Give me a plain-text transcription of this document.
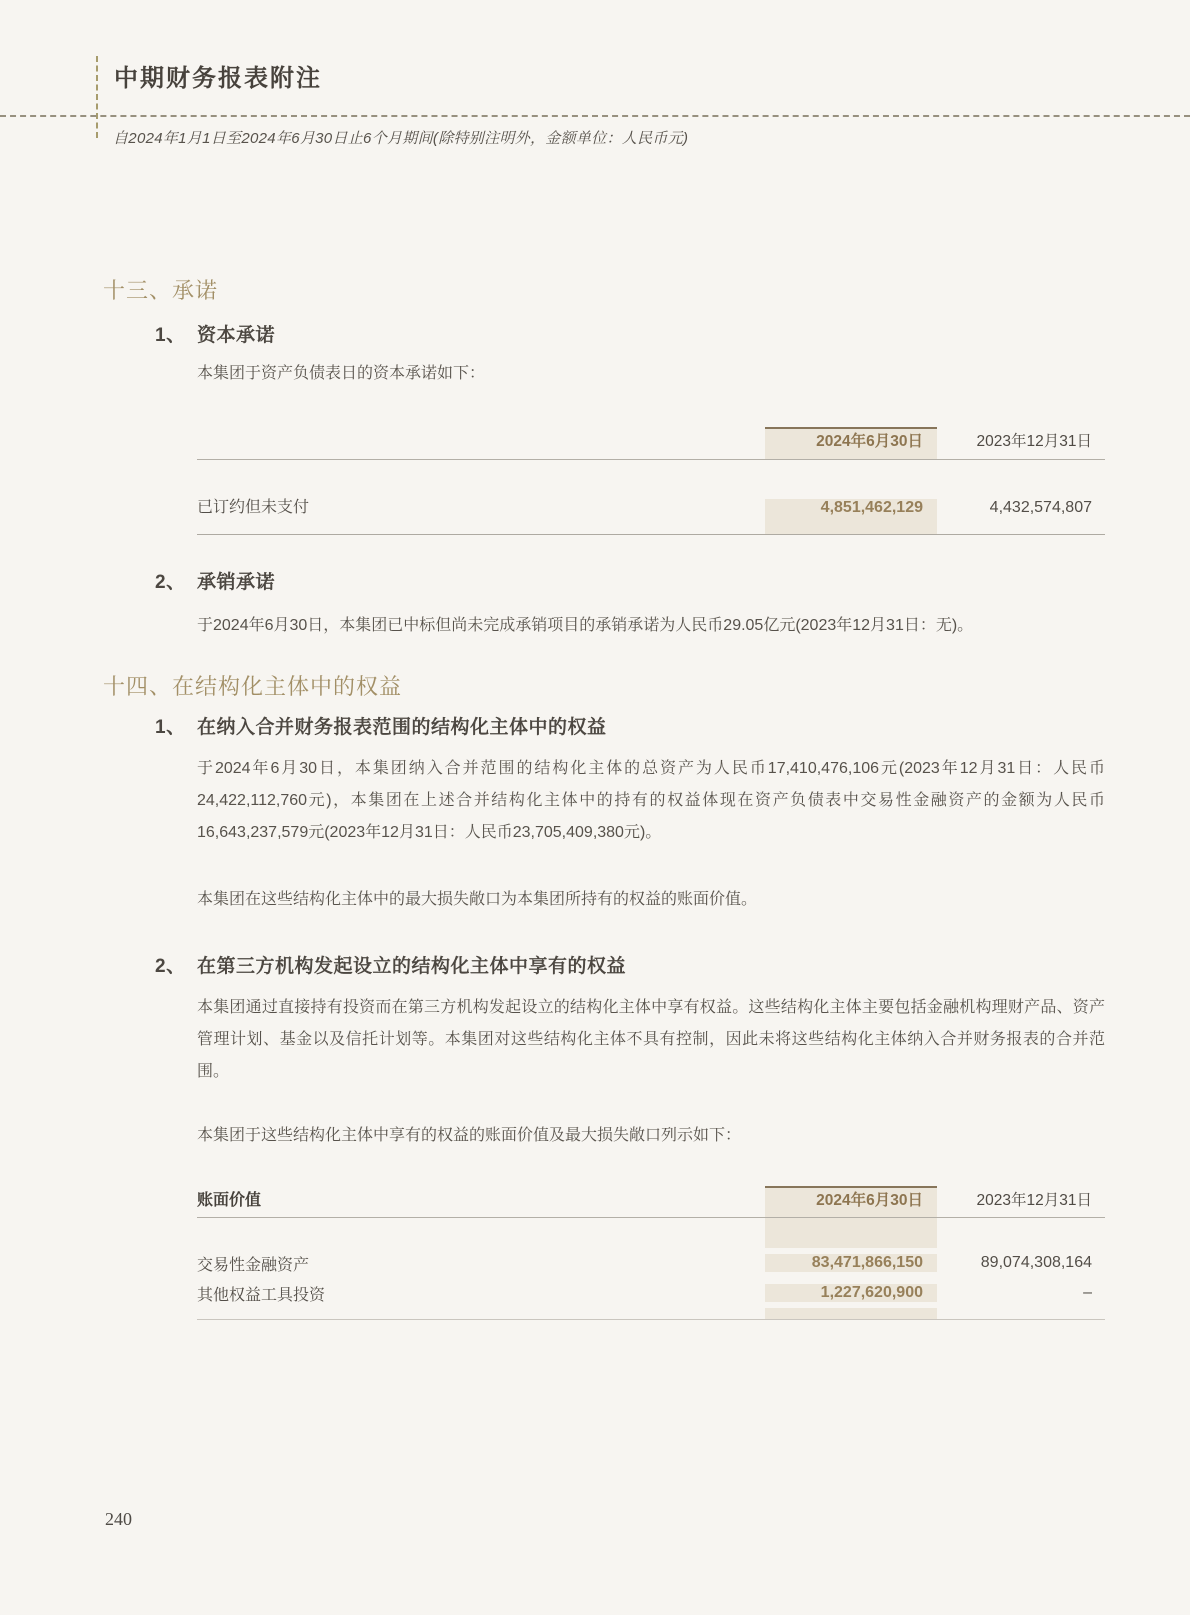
中期财务报表附注
自2024年1月1日至2024年6月30日止6个月期间(除特别注明外，金额单位：人民币元)
十三、承诺
1、 资本承诺
本集团于资产负债表日的资本承诺如下：
2024年6月30日	2023年12月31日
已订约但未支付	4,851,462,129	4,432,574,807
2、 承销承诺
于2024年6月30日，本集团已中标但尚未完成承销项目的承销承诺为人民币29.05亿元(2023年12月31日：无)。
十四、在结构化主体中的权益
1、 在纳入合并财务报表范围的结构化主体中的权益
于2024年6月30日，本集团纳入合并范围的结构化主体的总资产为人民币17,410,476,106元(2023年12月31日：人民币24,422,112,760元)，本集团在上述合并结构化主体中的持有的权益体现在资产负债表中交易性金融资产的金额为人民币16,643,237,579元(2023年12月31日：人民币23,705,409,380元)。
本集团在这些结构化主体中的最大损失敞口为本集团所持有的权益的账面价值。
2、 在第三方机构发起设立的结构化主体中享有的权益
本集团通过直接持有投资而在第三方机构发起设立的结构化主体中享有权益。这些结构化主体主要包括金融机构理财产品、资产管理计划、基金以及信托计划等。本集团对这些结构化主体不具有控制，因此未将这些结构化主体纳入合并财务报表的合并范围。
本集团于这些结构化主体中享有的权益的账面价值及最大损失敞口列示如下：
账面价值	2024年6月30日	2023年12月31日
交易性金融资产	83,471,866,150	89,074,308,164
其他权益工具投资	1,227,620,900	–
240
